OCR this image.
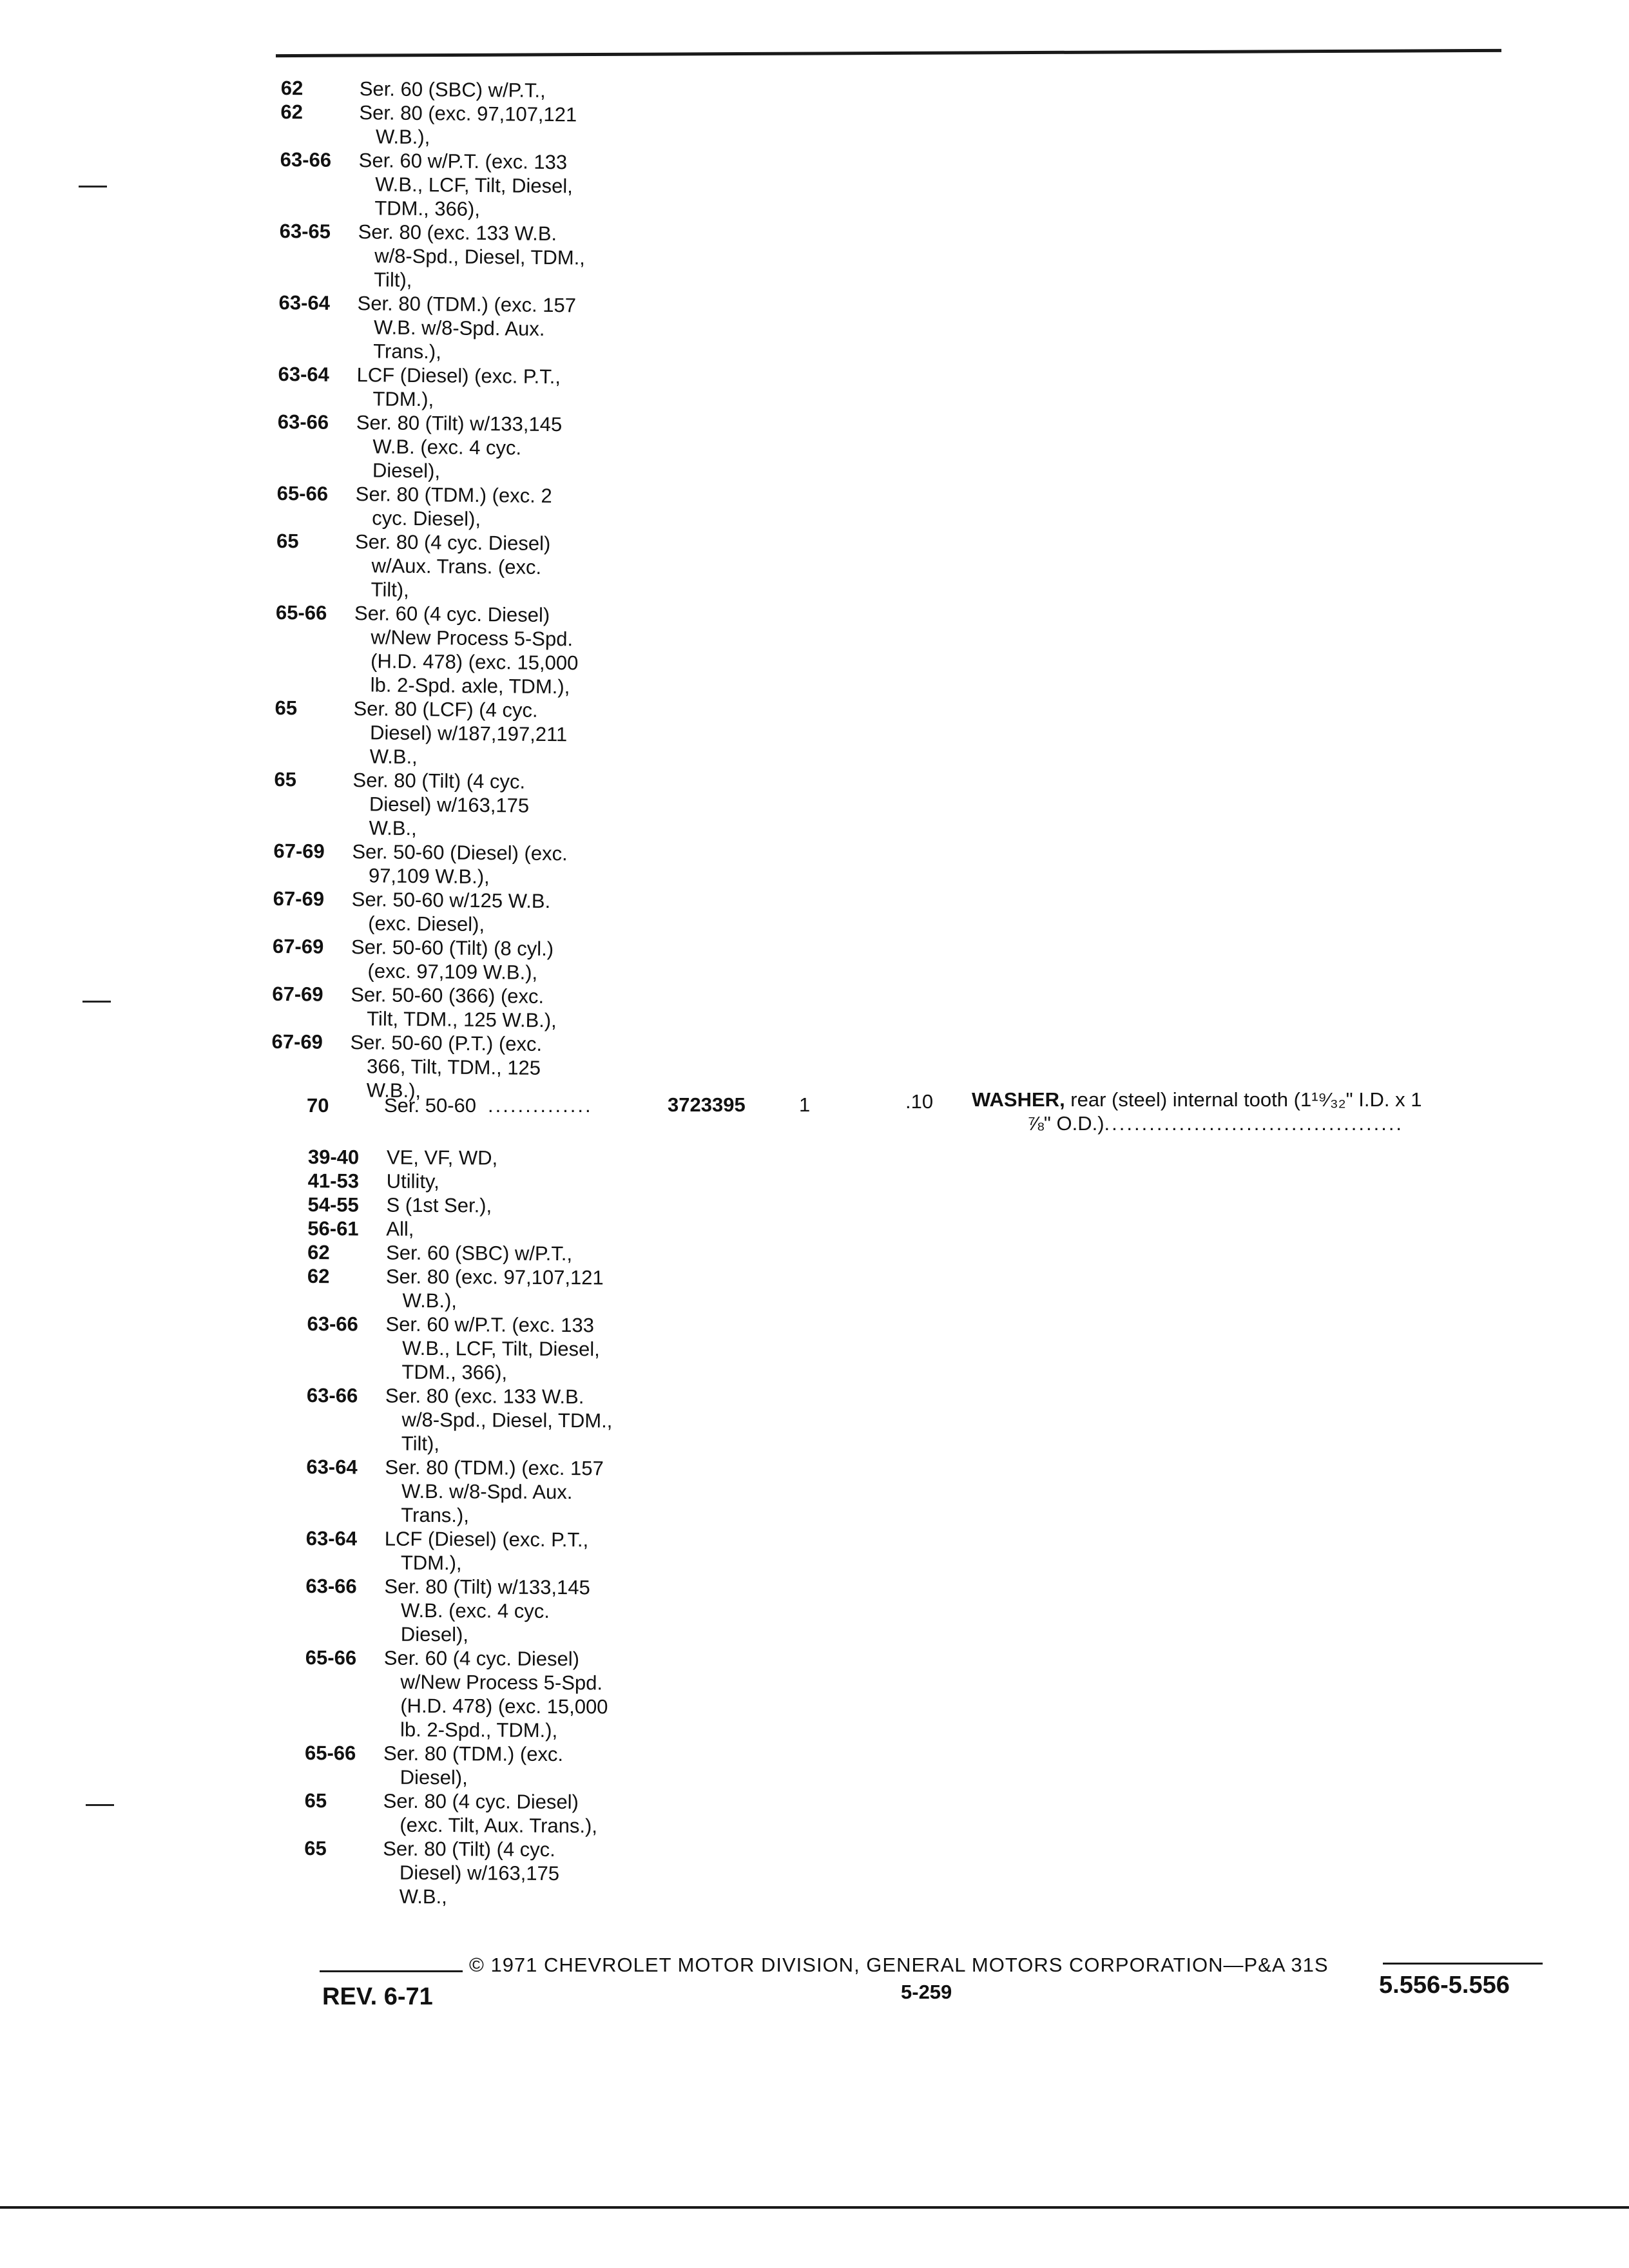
62	Ser. 60 (SBC) w/P.T.,
62	Ser. 80 (exc. 97,107,121
W.B.),
63-66	Ser. 60 w/P.T. (exc. 133
W.B., LCF, Tilt, Diesel,
TDM., 366),
63-65	Ser. 80 (exc. 133 W.B.
w/8-Spd., Diesel, TDM.,
Tilt),
63-64	Ser. 80 (TDM.) (exc. 157
W.B. w/8-Spd. Aux.
Trans.),
63-64	LCF (Diesel) (exc. P.T.,
TDM.),
63-66	Ser. 80 (Tilt) w/133,145
W.B. (exc. 4 cyc.
Diesel),
65-66	Ser. 80 (TDM.) (exc. 2
cyc. Diesel),
65	Ser. 80 (4 cyc. Diesel)
w/Aux. Trans. (exc.
Tilt),
65-66	Ser. 60 (4 cyc. Diesel)
w/New Process 5-Spd.
(H.D. 478) (exc. 15,000
lb. 2-Spd. axle, TDM.),
65	Ser. 80 (LCF) (4 cyc.
Diesel) w/187,197,211
W.B.,
65	Ser. 80 (Tilt) (4 cyc.
Diesel) w/163,175
W.B.,
67-69	Ser. 50-60 (Diesel) (exc.
97,109 W.B.),
67-69	Ser. 50-60 w/125 W.B.
(exc. Diesel),
67-69	Ser. 50-60 (Tilt) (8 cyl.)
(exc. 97,109 W.B.),
67-69	Ser. 50-60 (366) (exc.
Tilt, TDM., 125 W.B.),
67-69	Ser. 50-60 (P.T.) (exc.
366, Tilt, TDM., 125
W.B.),
70	Ser. 50-60 ..............	3723395	1	.10 WASHER, rear (steel) internal tooth (1¹⁹⁄₃₂" I.D. x 1
⅞" O.D.)........................................
39-40	VE, VF, WD,
41-53	Utility,
54-55	S (1st Ser.),
56-61	All,
62	Ser. 60 (SBC) w/P.T.,
62	Ser. 80 (exc. 97,107,121
W.B.),
63-66	Ser. 60 w/P.T. (exc. 133
W.B., LCF, Tilt, Diesel,
TDM., 366),
63-66	Ser. 80 (exc. 133 W.B.
w/8-Spd., Diesel, TDM.,
Tilt),
63-64	Ser. 80 (TDM.) (exc. 157
W.B. w/8-Spd. Aux.
Trans.),
63-64	LCF (Diesel) (exc. P.T.,
TDM.),
63-66	Ser. 80 (Tilt) w/133,145
W.B. (exc. 4 cyc.
Diesel),
65-66	Ser. 60 (4 cyc. Diesel)
w/New Process 5-Spd.
(H.D. 478) (exc. 15,000
lb. 2-Spd., TDM.),
65-66	Ser. 80 (TDM.) (exc.
Diesel),
65	Ser. 80 (4 cyc. Diesel)
(exc. Tilt, Aux. Trans.),
65	Ser. 80 (Tilt) (4 cyc.
Diesel) w/163,175
W.B.,
© 1971 CHEVROLET MOTOR DIVISION, GENERAL MOTORS CORPORATION—P&A 31S
REV. 6-71	5-259	5.556-5.556
